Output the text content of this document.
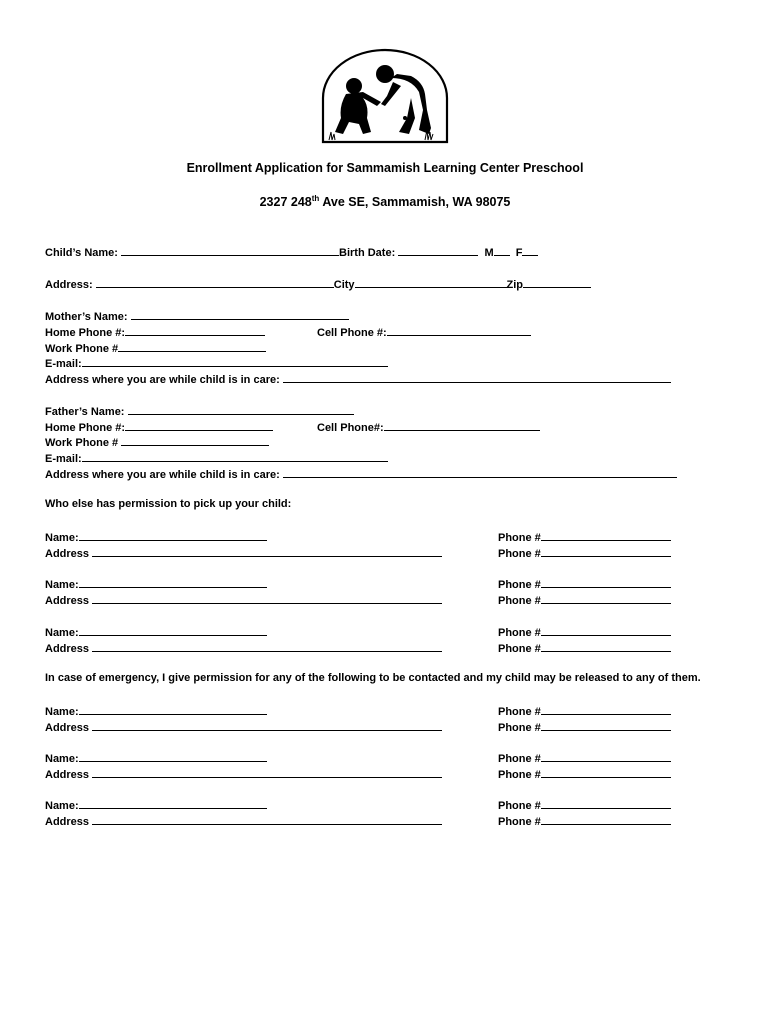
Enrollment Application for Sammamish Learning Center Preschool
2327 248th Ave SE, Sammamish, WA 98075
Child’s Name:	Birth Date:	M F
Address:	City	Zip
Mother’s Name:
Home Phone #:	Cell Phone #:
Work Phone #
E-mail:
Address where you are while child is in care:
Father’s Name:
Home Phone #:	Cell Phone#:
Work Phone #
E-mail:
Address where you are while child is in care:
Who else has permission to pick up your child:
Name:	Phone #
Address	Phone #
Name:	Phone #
Address	Phone #
Name:	Phone #
Address	Phone #
In case of emergency, I give permission for any of the following to be contacted and my child may be released to any of them.
Name:	Phone #
Address	Phone #
Name:	Phone #
Address	Phone #
Name:	Phone #
Address	Phone #
